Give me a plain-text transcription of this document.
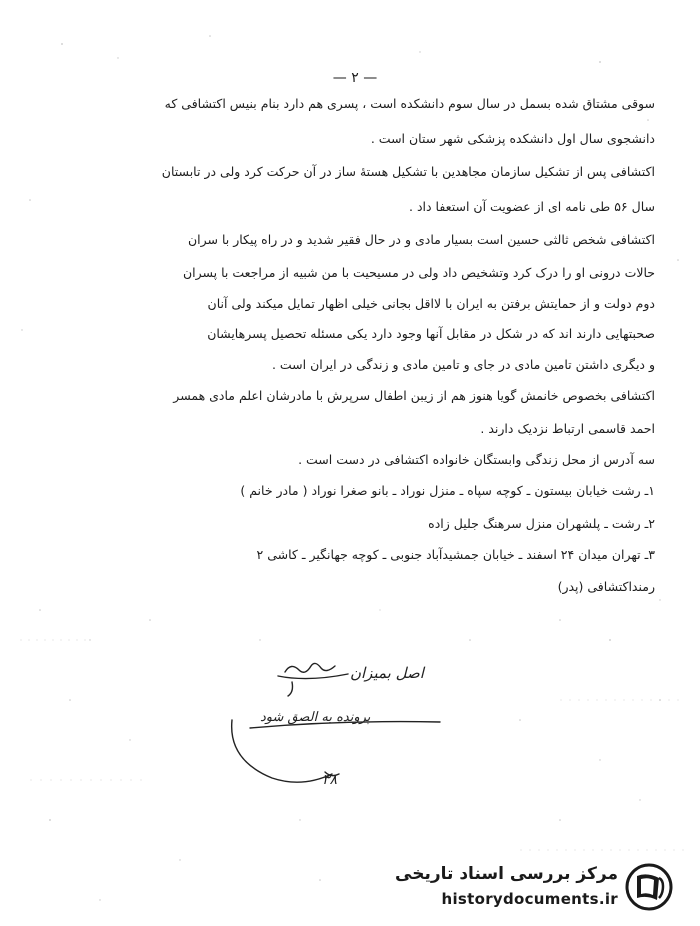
— ٢ —
سوقی مشتاق شده بسمل در سال سوم دانشکده است ، پسری هم دارد بنام بنیس اکتشافی که
دانشجوی سال اول دانشکده پزشکی شهر ستان است .
اکتشافی پس از تشکیل سازمان مجاهدین با تشکیل هستۀ ساز در آن حرکت کرد ولی در تابستان
سال ۵۶ طی نامه ای از عضویت آن استعفا داد .
اکتشافی شخص ثالثی حسین است بسیار مادی و در حال فقیر شدید و در راه پیکار با سران
حالات درونی او را درک کرد وتشخیص داد ولی در مسیحیت با من شبیه از مراجعت با پسران
دوم دولت و از حمایتش برفتن به ایران با لااقل بجانی خیلی اظهار تمایل میکند ولی آنان
صحبتهایی دارند اند که در شکل در مقابل آنها وجود دارد یکی مسئله تحصیل پسرهایشان
و دیگری داشتن تامین مادی در جای و تامین مادی و زندگی در ایران است .
اکتشافی بخصوص خانمش گویا هنوز هم از زیبن اطفال سرپرش با مادرشان اعلم مادی همسر
احمد قاسمی ارتباط نزدیک دارند .
سه آدرس از محل زندگی وابستگان خانواده اکتشافی در دست است .
۱ـ رشت خیابان بیستون ـ کوچه سپاه ـ منزل نوراد ـ بانو صغرا نوراد ( مادر خانم )
۲ـ رشت ـ پلشهران منزل سرهنگ جلیل زاده
۳ـ تهران میدان ۲۴ اسفند ـ خیابان جمشیدآباد جنوبی ـ کوچه جهانگیر ـ کاشی ۲
رمنداکتشافی (پدر)
اصل بمیزان
پرونده به الصق شود
۳۸
مرکز بررسی اسناد تاریخی
historydocuments.ir
